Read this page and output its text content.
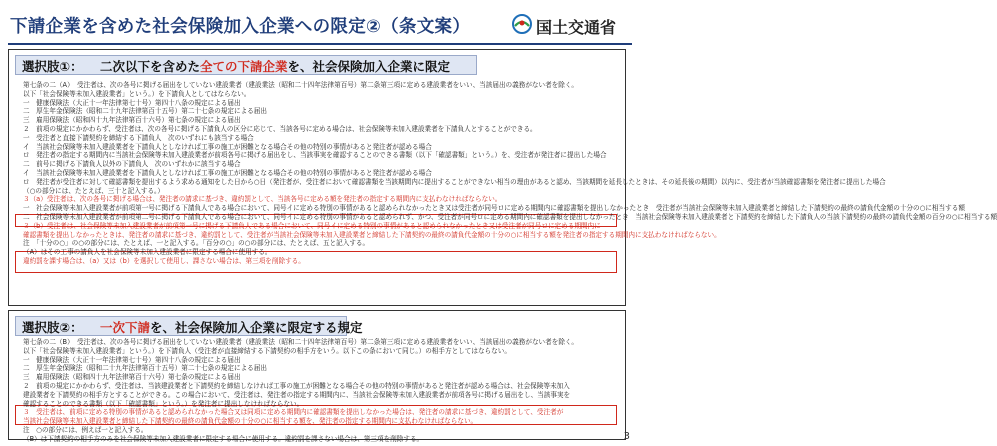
下請企業を含めた社会保険加入企業への限定②（条文案）	国土交通省
選択肢①： 二次以下を含めた全ての下請企業を、社会保険加入企業に限定
第七条の二（A）　受注者は、次の各号に掲げる届出をしていない建設業者（建設業法（昭和二十四年法律第百号）第二条第三項に定める建設業者をいい、当該届出の義務がない者を除く。
以下「社会保険等未加入建設業者」という。）を下請負人としてはならない。
一　健康保険法（大正十一年法律第七十号）第四十八条の規定による届出
二　厚生年金保険法（昭和二十九年法律第百十五号）第二十七条の規定による届出
三　雇用保険法（昭和四十九年法律第百十六号）第七条の規定による届出
２　前項の規定にかかわらず、受注者は、次の各号に掲げる下請負人の区分に応じて、当該各号に定める場合は、社会保険等未加入建設業者を下請負人とすることができる。
一　受注者と直接下請契約を締結する下請負人　次のいずれにも該当する場合
イ　当該社会保険等未加入建設業者を下請負人としなければ工事の施工が困難となる場合その他の特別の事情があると発注者が認める場合
ロ　発注者の指定する期間内に当該社会保険等未加入建設業者が前項各号に掲げる届出をし、当該事実を確認することのできる書類（以下「確認書類」という。）を、受注者が発注者に提出した場合
二　前号に掲げる下請負人以外の下請負人　次のいずれかに該当する場合
イ　当該社会保険等未加入建設業者を下請負人としなければ工事の施工が困難となる場合その他の特別の事情があると発注者が認める場合
ロ　発注者が受注者に対して確認書類を提出するよう求める通知をした日から○日（発注者が、受注者において確認書類を当該期間内に提出することができない相当の理由があると認め、当該期間を延長したときは、その延長後の期間）以内に、受注者が当該確認書類を発注者に提出した場合
（○の部分には、たとえば、三十と記入する。）
３（a）受注者は、次の各号に掲げる場合は、発注者の請求に基づき、違約罰として、当該各号に定める額を発注者の指定する期間内に支払わなければならない。
一　社会保険等未加入建設業者が前項第一号に掲げる下請負人である場合において、同号イに定める特別の事情があると認められなかったとき又は受注者が同号ロに定める期間内に確認書類を提出しなかったとき　受注者が当該社会保険等未加入建設業者と締結した下請契約の最終の請負代金額の十分の○に相当する額
二　社会保険等未加入建設業者が前項第二号に掲げる下請負人である場合において、同号イに定める特別の事情があると認められず、かつ、受注者が同号ロに定める期間内に確認書類を提出しなかったとき　当該社会保険等未加入建設業者と下請契約を締結した下請負人の当該下請契約の最終の請負代金額の百分の○に相当する額
３（b）受注者は、社会保険等未加入建設業者が前項第一号に掲げる下請負人である場合において、同号イに定める特別の事情があると認められなかったとき又は受注者が同号ロに定める期間内に
確認書類を提出しなかったときは、発注者の請求に基づき、違約罰として、受注者が当該社会保険等未加入建設業者と締結した下請契約の最終の請負代金額の十分の○に相当する額を発注者の指定する期間内に支払わなければならない。
注　「十分の○」の○の部分には、たとえば、一と記入する。「百分の○」の○の部分には、たとえば、五と記入する。
（A）はその工事の請負人を社会保険等未加入建設業者に限定する場合に使用する。
違約罰を課す場合は、（a）又は（b）を選択して使用し、課さない場合は、第三項を削除する。
選択肢②： 一次下請を、社会保険加入企業に限定する規定
第七条の二（B）　受注者は、次の各号に掲げる届出をしていない建設業者（建設業法（昭和二十四年法律第百号）第二条第三項に定める建設業者をいい、当該届出の義務がない者を除く。
以下「社会保険等未加入建設業者」という。）を下請負人（受注者が直接締結する下請契約の相手方をいう。以下この条において同じ。）の相手方としてはならない。
一　健康保険法（大正十一年法律第七十号）第四十八条の規定による届出
二　厚生年金保険法（昭和二十九年法律第百十五号）第二十七条の規定による届出
三　雇用保険法（昭和四十九年法律第百十六号）第七条の規定による届出
２　前項の規定にかかわらず、受注者は、当該建設業者と下請契約を締結しなければ工事の施工が困難となる場合その他の特別の事情があると発注者が認める場合は、社会保険等未加入
建設業者を下請契約の相手方とすることができる。この場合において、受注者は、発注者の指定する期間内に、当該社会保険等未加入建設業者が前項各号に掲げる届出をし、当該事実を
確認することのできる書類（以下「確認書類」という。）を発注者に提出しなければならない。
３　受注者は、前項に定める特別の事情があると認められなかった場合又は同項に定める期間内に確認書類を提出しなかった場合は、発注者の請求に基づき、違約罰として、受注者が
当該社会保険等未加入建設業者と締結した下請契約の最終の請負代金額の十分の○に相当する額を、発注者の指定する期間内に支払わなければならない。
注　○の部分には、例えば一と記入する。
（B）は下請契約の相手方のみを社会保険等未加入建設業者に限定する場合に使用する。違約罰を課さない場合は、第三項を削除する。	3
